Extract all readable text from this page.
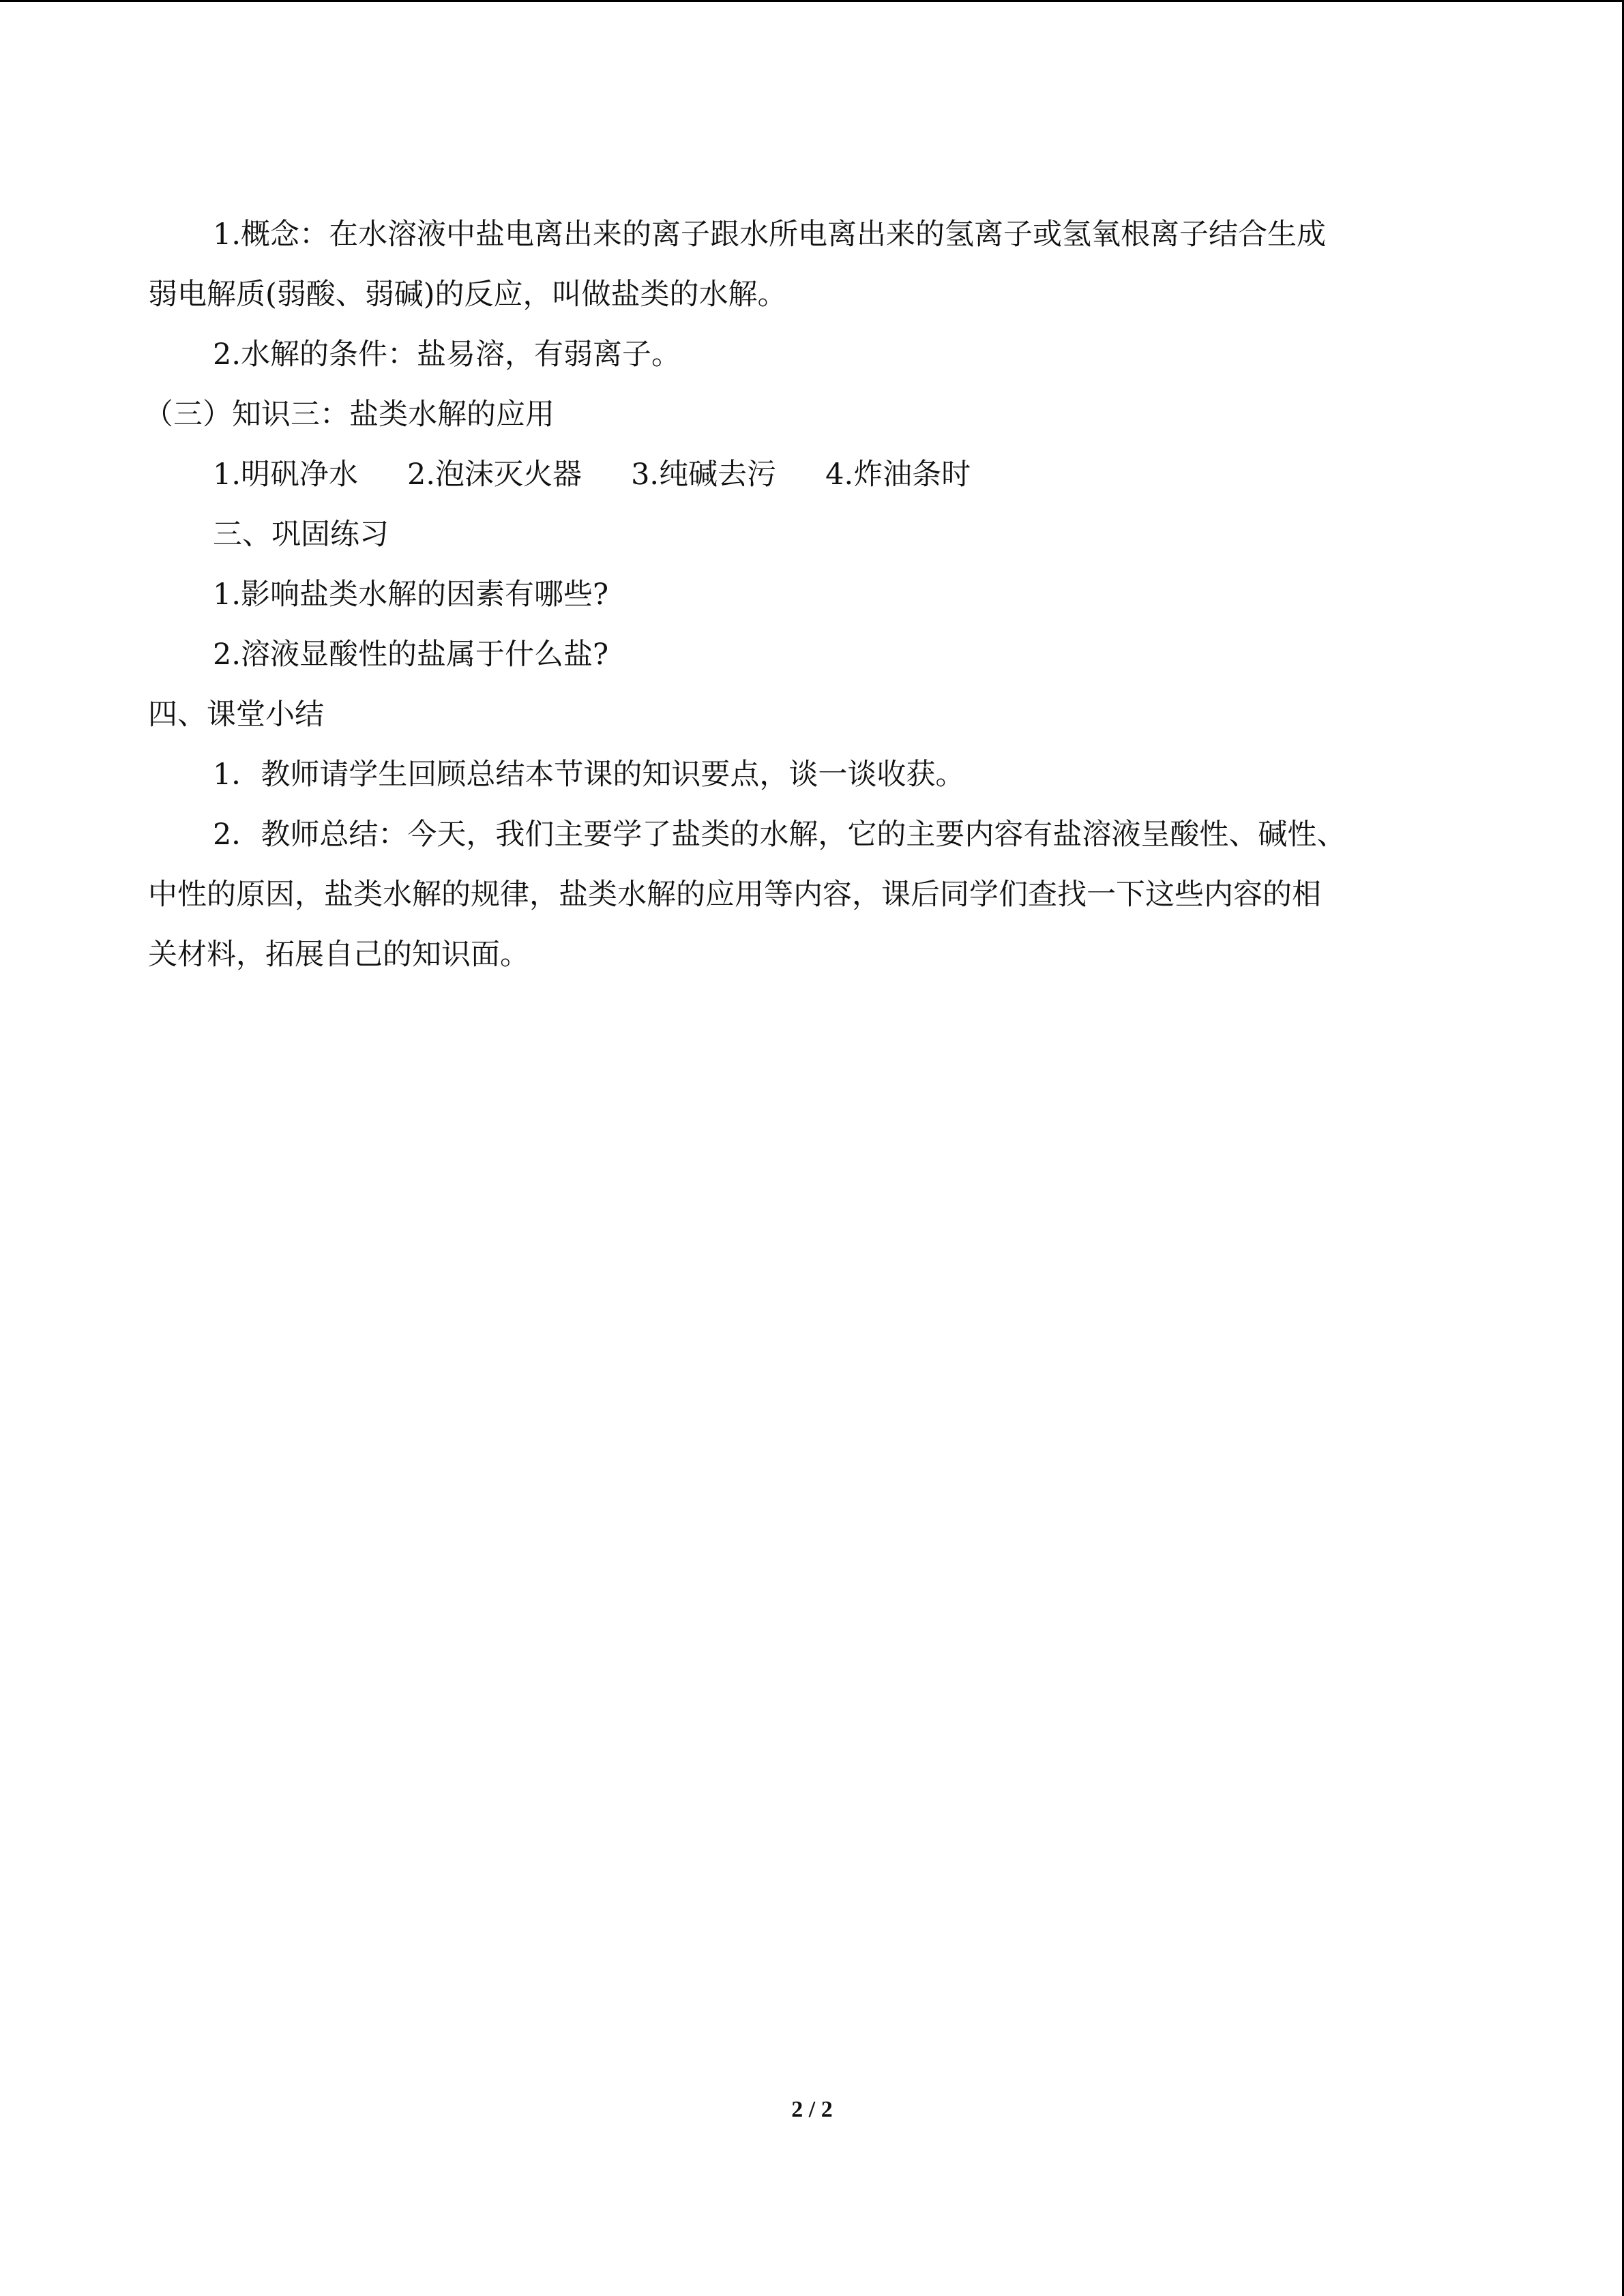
1.概念：在水溶液中盐电离出来的离子跟水所电离出来的氢离子或氢氧根离子结合生成

弱电解质(弱酸、弱碱)的反应，叫做盐类的水解。

2.水解的条件：盐易溶，有弱离子。

（三）知识三：盐类水解的应用

1.明矾净水 2.泡沫灭火器 3.纯碱去污 4.炸油条时

三、巩固练习

1.影响盐类水解的因素有哪些?

2.溶液显酸性的盐属于什么盐?

四、课堂小结

1．教师请学生回顾总结本节课的知识要点，谈一谈收获。

2．教师总结：今天，我们主要学了盐类的水解，它的主要内容有盐溶液呈酸性、碱性、

中性的原因，盐类水解的规律，盐类水解的应用等内容，课后同学们查找一下这些内容的相

关材料，拓展自己的知识面。

2 / 2
